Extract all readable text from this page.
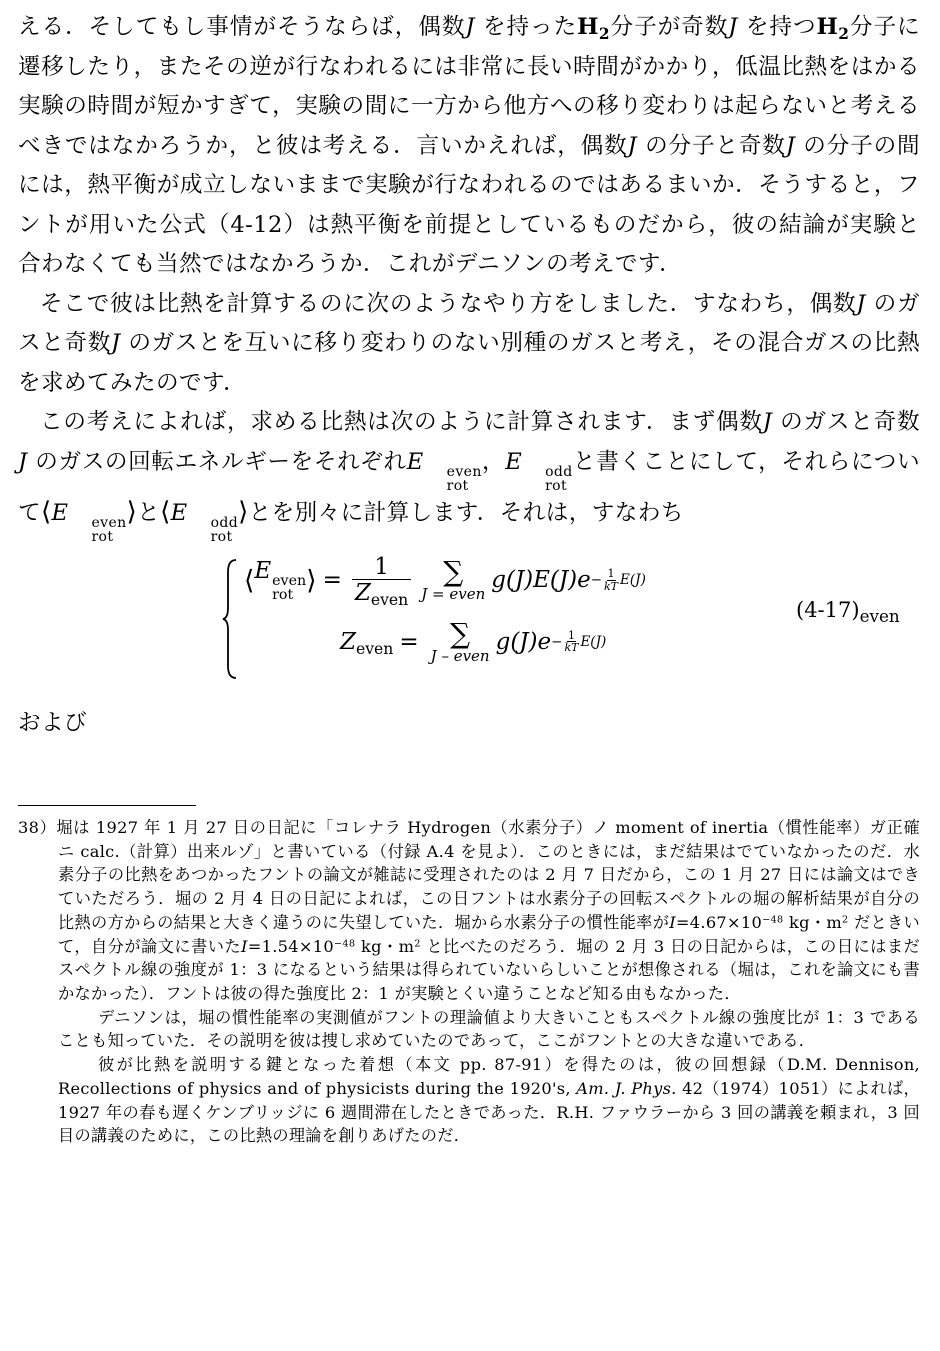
える．そしてもし事情がそうならば，偶数J を持った$H_2$分子が奇数J を持つ$H_2$分子に遷移したり，またその逆が行なわれるには非常に長い時間がかかり，低温比熱をはかる実験の時間が短かすぎて，実験の間に一方から他方への移り変わりは起らないと考えるべきではなかろうか，と彼は考える．言いかえれば，偶数J の分子と奇数J の分子の間には，熱平衡が成立しないままで実験が行なわれるのではあるまいか．そうすると，フントが用いた公式（4-12）は熱平衡を前提としているものだから，彼の結論が実験と合わなくても当然ではなかろうか．これがデニソンの考えです．

そこで彼は比熱を計算するのに次のようなやり方をしました．すなわち，偶数J のガスと奇数J のガスとを互いに移り変わりのない別種のガスと考え，その混合ガスの比熱を求めてみたのです．

この考えによれば，求める比熱は次のように計算されます．まず偶数J のガスと奇数J のガスの回転エネルギーをそれぞれE	even
rot
，E	odd
rot
と書くことにして，それらについて⟨E	even
rot
⟩と⟨E	odd
rot
⟩とを別々に計算します．それは，すなわち

⟨ E even
rot ⟩ = $\frac{1}{Z_{even}}$ ∑
J = even
$g(J)E(J)e - \frac{1}{kT} E(J)$
$Z_{even}$ = ∑
J – even
$g(J)e - \frac{1}{kT} E(J)$
$(4-17)_{even}$

および

38）堀は 1927 年 1 月 27 日の日記に「コレナラ Hydrogen（水素分子）ノ moment of inertia（慣性能率）ガ正確ニ calc.（計算）出来ルゾ」と書いている（付録 A.4 を見よ）．このときには，まだ結果はでていなかったのだ．水素分子の比熱をあつかったフントの論文が雑誌に受理されたのは 2 月 7 日だから，この 1 月 27 日には論文はできていただろう．堀の 2 月 4 日の日記によれば，この日フントは水素分子の回転スペクトルの堀の解析結果が自分の比熱の方からの結果と大きく違うのに失望していた．堀から水素分子の慣性能率が$I=4.67\times 10^{-48}$ kg・$m^2$ だときいて，自分が論文に書いた$I=1.54\times 10^{-48}$ kg・$m^2$ と比べたのだろう．堀の 2 月 3 日の日記からは，この日にはまだスペクトル線の強度が 1：3 になるという結果は得られていないらしいことが想像される（堀は，これを論文にも書かなかった）．フントは彼の得た強度比 2：1 が実験とくい違うことなど知る由もなかった．

デニソンは，堀の慣性能率の実測値がフントの理論値より大きいこともスペクトル線の強度比が 1：3 であることも知っていた．その説明を彼は捜し求めていたのであって，ここがフントとの大きな違いである．

彼が比熱を説明する鍵となった着想（本文 pp. 87-91）を得たのは，彼の回想録（D.M. Dennison, Recollections of physics and of physicists during the 1920's, Am. J. Phys. 42（1974）1051）によれば，1927 年の春も遅くケンブリッジに 6 週間滞在したときであった．R.H. ファウラーから 3 回の講義を頼まれ，3 回目の講義のために，この比熱の理論を創りあげたのだ．
